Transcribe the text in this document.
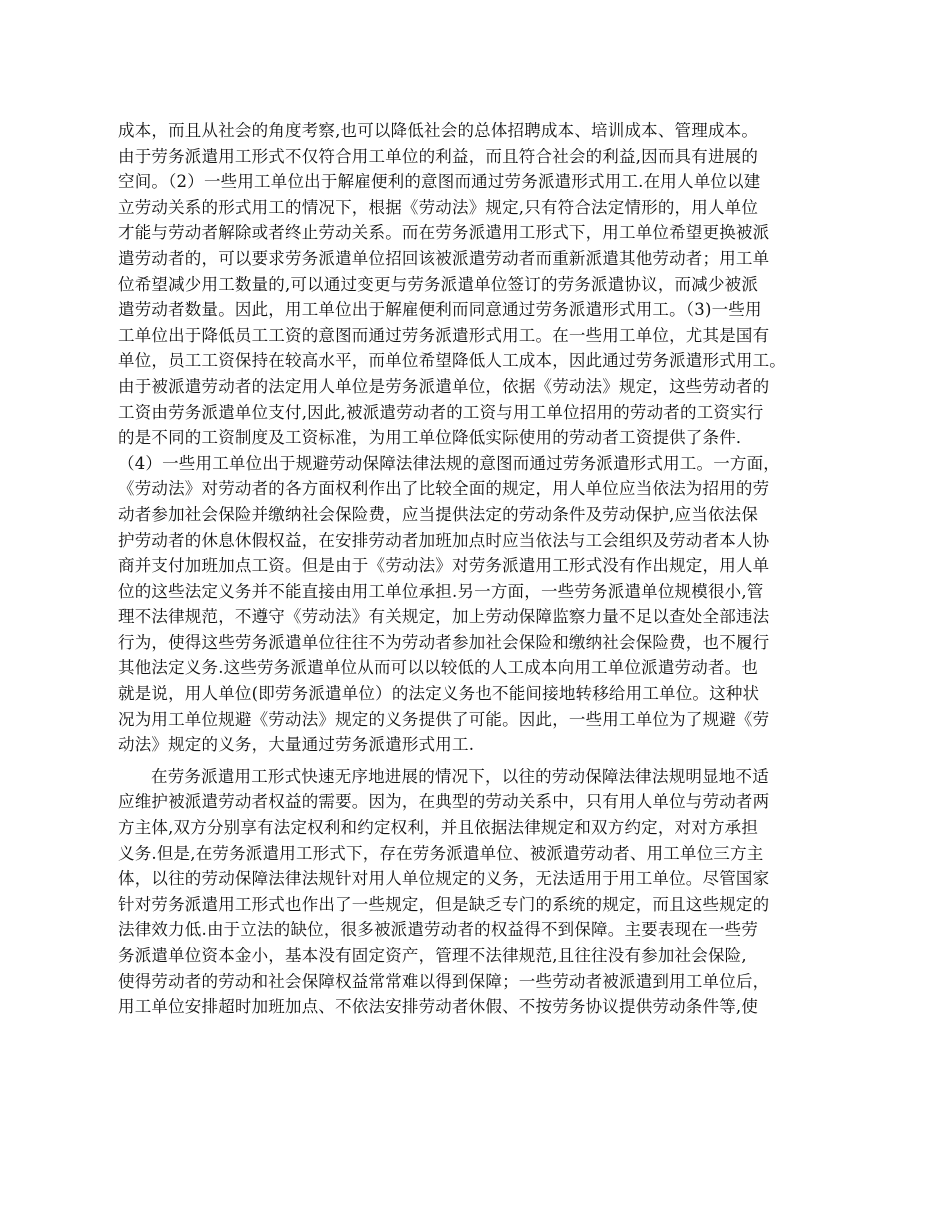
成本，而且从社会的角度考察,也可以降低社会的总体招聘成本、培训成本、管理成本。
由于劳务派遣用工形式不仅符合用工单位的利益，而且符合社会的利益,因而具有进展的
空间。（2）一些用工单位出于解雇便利的意图而通过劳务派遣形式用工.在用人单位以建
立劳动关系的形式用工的情况下，根据《劳动法》规定,只有符合法定情形的，用人单位
才能与劳动者解除或者终止劳动关系。而在劳务派遣用工形式下，用工单位希望更换被派
遣劳动者的，可以要求劳务派遣单位招回该被派遣劳动者而重新派遣其他劳动者；用工单
位希望减少用工数量的,可以通过变更与劳务派遣单位签订的劳务派遣协议，而减少被派
遣劳动者数量。因此，用工单位出于解雇便利而同意通过劳务派遣形式用工。（3)一些用
工单位出于降低员工工资的意图而通过劳务派遣形式用工。在一些用工单位，尤其是国有
单位，员工工资保持在较高水平，而单位希望降低人工成本，因此通过劳务派遣形式用工。
由于被派遣劳动者的法定用人单位是劳务派遣单位，依据《劳动法》规定，这些劳动者的
工资由劳务派遣单位支付,因此,被派遣劳动者的工资与用工单位招用的劳动者的工资实行
的是不同的工资制度及工资标准，为用工单位降低实际使用的劳动者工资提供了条件．
（4）一些用工单位出于规避劳动保障法律法规的意图而通过劳务派遣形式用工。一方面，
《劳动法》对劳动者的各方面权利作出了比较全面的规定，用人单位应当依法为招用的劳
动者参加社会保险并缴纳社会保险费，应当提供法定的劳动条件及劳动保护,应当依法保
护劳动者的休息休假权益，在安排劳动者加班加点时应当依法与工会组织及劳动者本人协
商并支付加班加点工资。但是由于《劳动法》对劳务派遣用工形式没有作出规定，用人单
位的这些法定义务并不能直接由用工单位承担.另一方面，一些劳务派遣单位规模很小,管
理不法律规范，不遵守《劳动法》有关规定，加上劳动保障监察力量不足以查处全部违法
行为，使得这些劳务派遣单位往往不为劳动者参加社会保险和缴纳社会保险费，也不履行
其他法定义务.这些劳务派遣单位从而可以以较低的人工成本向用工单位派遣劳动者。也
就是说，用人单位(即劳务派遣单位）的法定义务也不能间接地转移给用工单位。这种状
况为用工单位规避《劳动法》规定的义务提供了可能。因此，一些用工单位为了规避《劳
动法》规定的义务，大量通过劳务派遣形式用工.
在劳务派遣用工形式快速无序地进展的情况下，以往的劳动保障法律法规明显地不适
应维护被派遣劳动者权益的需要。因为，在典型的劳动关系中，只有用人单位与劳动者两
方主体,双方分别享有法定权利和约定权利，并且依据法律规定和双方约定，对对方承担
义务.但是,在劳务派遣用工形式下，存在劳务派遣单位、被派遣劳动者、用工单位三方主
体，以往的劳动保障法律法规针对用人单位规定的义务，无法适用于用工单位。尽管国家
针对劳务派遣用工形式也作出了一些规定，但是缺乏专门的系统的规定，而且这些规定的
法律效力低.由于立法的缺位，很多被派遣劳动者的权益得不到保障。主要表现在一些劳
务派遣单位资本金小，基本没有固定资产，管理不法律规范,且往往没有参加社会保险,
使得劳动者的劳动和社会保障权益常常难以得到保障；一些劳动者被派遣到用工单位后，
用工单位安排超时加班加点、不依法安排劳动者休假、不按劳务协议提供劳动条件等,使
